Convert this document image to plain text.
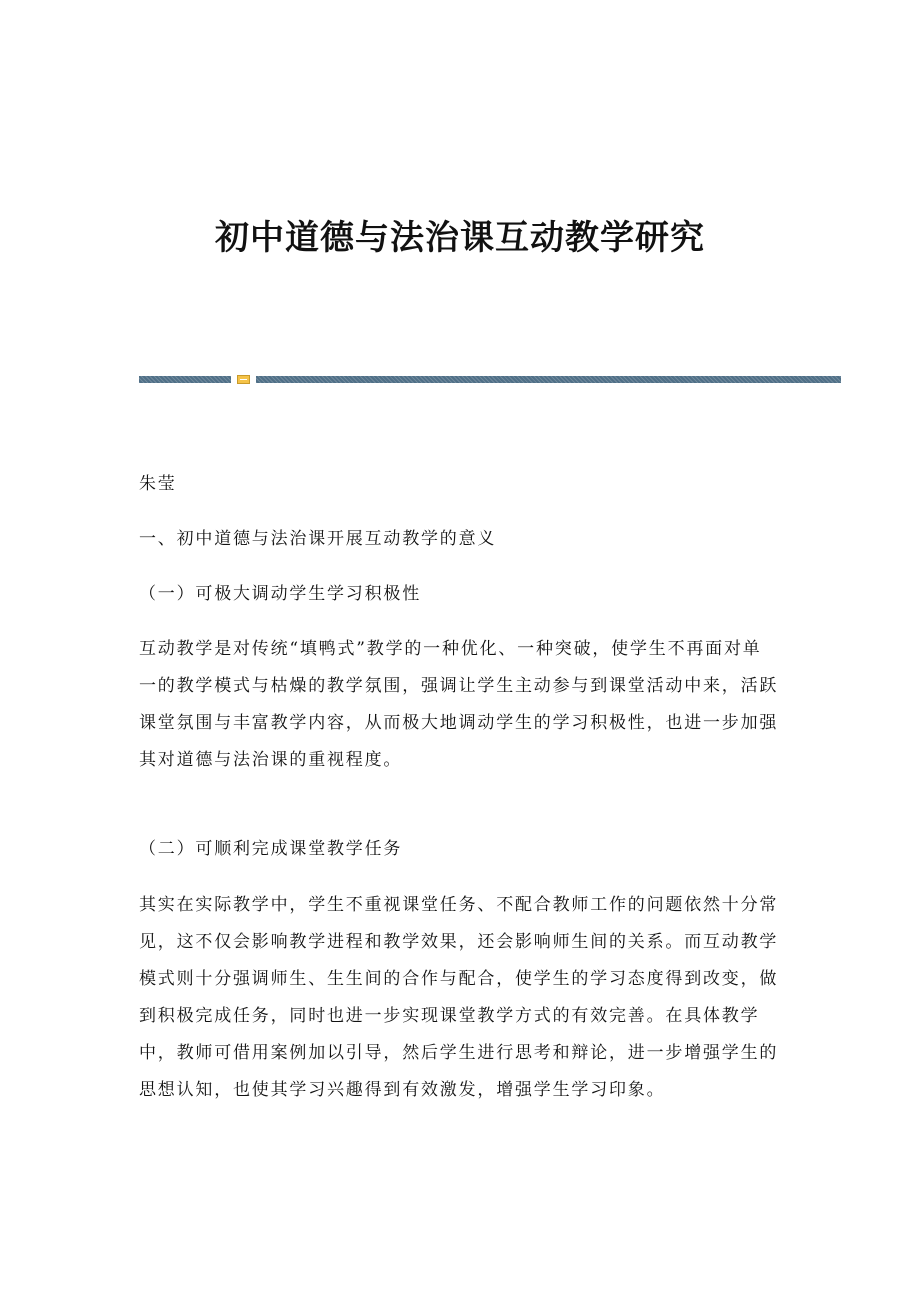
初中道德与法治课互动教学研究

朱莹

一、初中道德与法治课开展互动教学的意义

（一）可极大调动学生学习积极性

互动教学是对传统“填鸭式”教学的一种优化、一种突破，使学生不再面对单一的教学模式与枯燥的教学氛围，强调让学生主动参与到课堂活动中来，活跃课堂氛围与丰富教学内容，从而极大地调动学生的学习积极性，也进一步加强其对道德与法治课的重视程度。

（二）可顺利完成课堂教学任务

其实在实际教学中，学生不重视课堂任务、不配合教师工作的问题依然十分常见，这不仅会影响教学进程和教学效果，还会影响师生间的关系。而互动教学模式则十分强调师生、生生间的合作与配合，使学生的学习态度得到改变，做到积极完成任务，同时也进一步实现课堂教学方式的有效完善。在具体教学中，教师可借用案例加以引导，然后学生进行思考和辩论，进一步增强学生的思想认知，也使其学习兴趣得到有效激发，增强学生学习印象。
